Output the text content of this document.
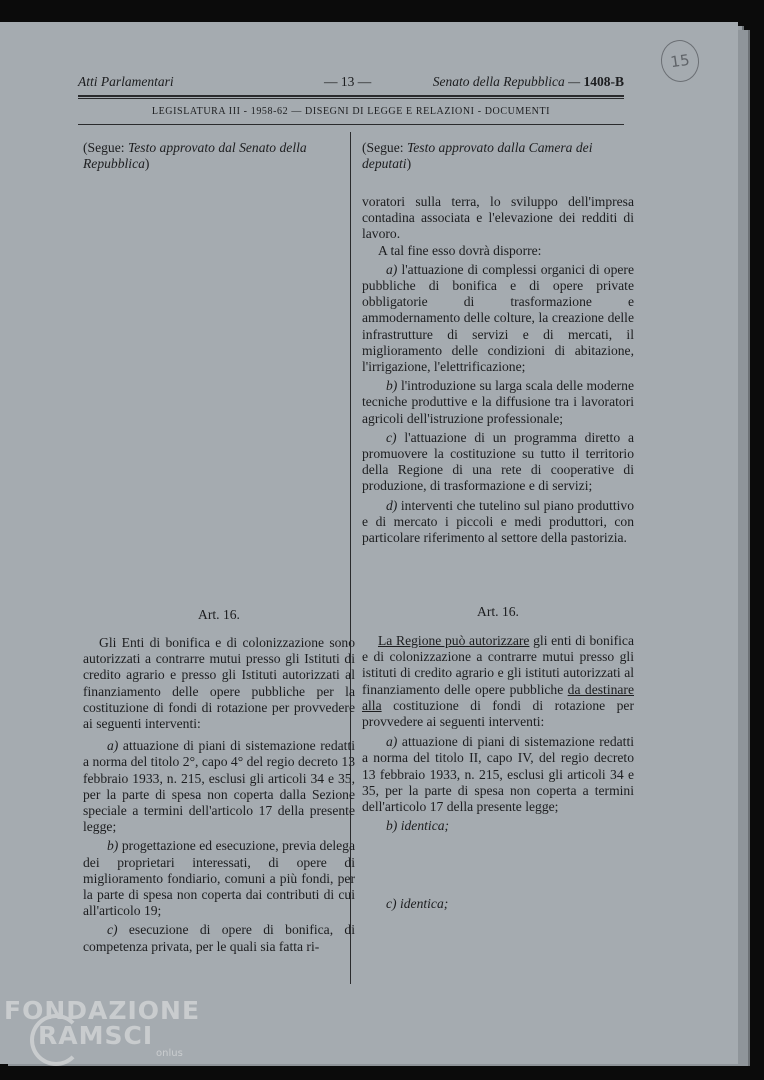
Atti Parlamentari	— 13 —	Senato della Repubblica — 1408-B
15
LEGISLATURA III - 1958-62 — DISEGNI DI LEGGE E RELAZIONI - DOCUMENTI
(Segue: Testo approvato dal Senato della Repubblica)
Art. 16.

Gli Enti di bonifica e di colonizzazione sono autorizzati a contrarre mutui presso gli Istituti di credito agrario e presso gli Istituti autorizzati al finanziamento delle opere pubbliche per la costituzione di fondi di rotazione per provvedere ai seguenti interventi:

a) attuazione di piani di sistemazione redatti a norma del titolo 2°, capo 4° del regio decreto 13 febbraio 1933, n. 215, esclusi gli articoli 34 e 35, per la parte di spesa non coperta dalla Sezione speciale a termini dell'articolo 17 della presente legge;

b) progettazione ed esecuzione, previa delega dei proprietari interessati, di opere di miglioramento fondiario, comuni a più fondi, per la parte di spesa non coperta dai contributi di cui all'articolo 19;

c) esecuzione di opere di bonifica, di competenza privata, per le quali sia fatta ri-

(Segue: Testo approvato dalla Camera dei deputati)

voratori sulla terra, lo sviluppo dell'impresa contadina associata e l'elevazione dei redditi di lavoro.

A tal fine esso dovrà disporre:

a) l'attuazione di complessi organici di opere pubbliche di bonifica e di opere private obbligatorie di trasformazione e ammodernamento delle colture, la creazione delle infrastrutture di servizi e di mercati, il miglioramento delle condizioni di abitazione, l'irrigazione, l'elettrificazione;

b) l'introduzione su larga scala delle moderne tecniche produttive e la diffusione tra i lavoratori agricoli dell'istruzione professionale;

c) l'attuazione di un programma diretto a promuovere la costituzione su tutto il territorio della Regione di una rete di cooperative di produzione, di trasformazione e di servizi;

d) interventi che tutelino sul piano produttivo e di mercato i piccoli e medi produttori, con particolare riferimento al settore della pastorizia.

Art. 16.

La Regione può autorizzare gli enti di bonifica e di colonizzazione a contrarre mutui presso gli istituti di credito agrario e gli istituti autorizzati al finanziamento delle opere pubbliche da destinare alla costituzione di fondi di rotazione per provvedere ai seguenti interventi:

a) attuazione di piani di sistemazione redatti a norma del titolo II, capo IV, del regio decreto 13 febbraio 1933, n. 215, esclusi gli articoli 34 e 35, per la parte di spesa non coperta a termini dell'articolo 17 della presente legge;

b) identica;

c) identica;

FONDAZIONE
RAMSCI
onlus
